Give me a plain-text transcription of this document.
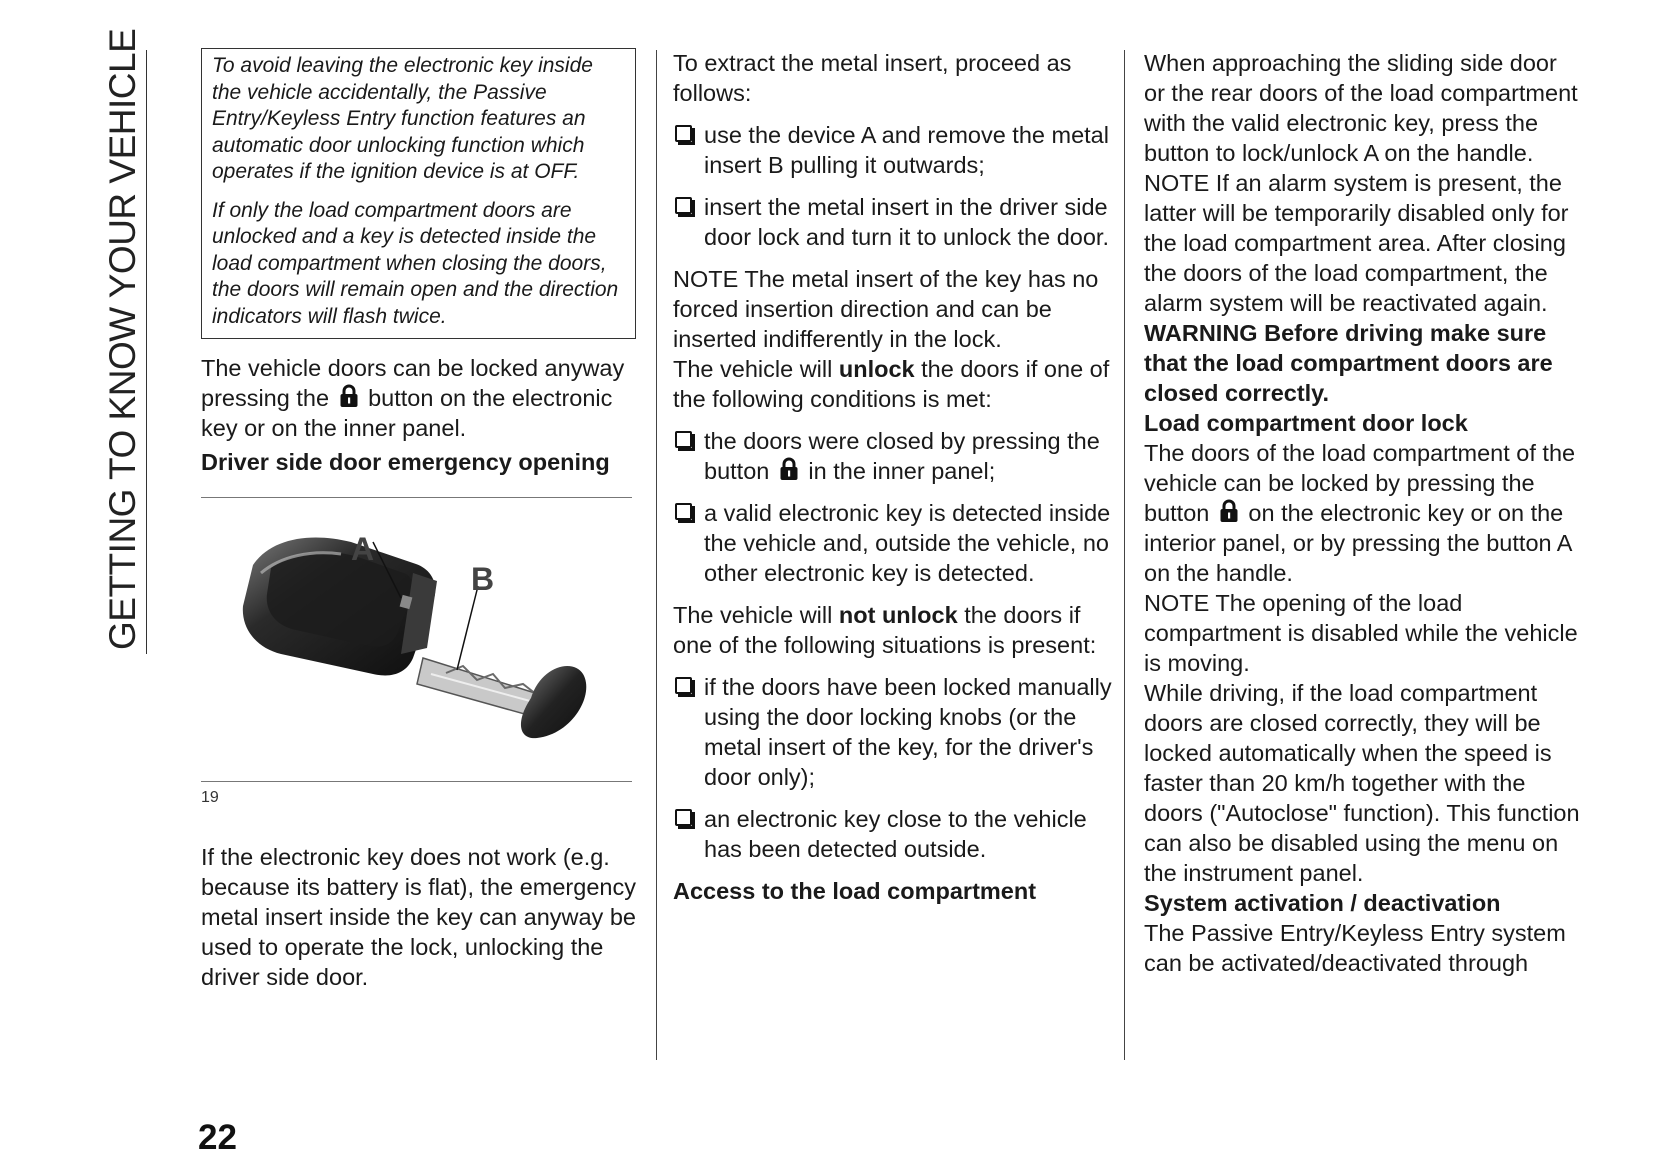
GETTING TO KNOW YOUR VEHICLE	To avoid leaving the electronic key inside the vehicle accidentally, the Passive Entry/Keyless Entry function features an automatic door unlocking function which operates if the ignition device is at OFF.

If only the load compartment doors are unlocked and a key is detected inside the load compartment when closing the doors, the doors will remain open and the direction indicators will flash twice.

The vehicle doors can be locked anyway pressing the button on the electronic key or on the inner panel.

Driver side door emergency opening

A
B
19

If the electronic key does not work (e.g. because its battery is flat), the emergency metal insert inside the key can anyway be used to operate the lock, unlocking the driver side door.

To extract the metal insert, proceed as follows:

use the device A and remove the metal insert B pulling it outwards;
insert the metal insert in the driver side door lock and turn it to unlock the door.

NOTE The metal insert of the key has no forced insertion direction and can be inserted indifferently in the lock.

The vehicle will unlock the doors if one of the following conditions is met:

the doors were closed by pressing the button in the inner panel;
a valid electronic key is detected inside the vehicle and, outside the vehicle, no other electronic key is detected.

The vehicle will not unlock the doors if one of the following situations is present:

if the doors have been locked manually using the door locking knobs (or the metal insert of the key, for the driver's door only);
an electronic key close to the vehicle has been detected outside.

Access to the load compartment

When approaching the sliding side door or the rear doors of the load compartment with the valid electronic key, press the button to lock/unlock A on the handle.

NOTE If an alarm system is present, the latter will be temporarily disabled only for the load compartment area. After closing the doors of the load compartment, the alarm system will be reactivated again.

WARNING Before driving make sure that the load compartment doors are closed correctly.

Load compartment door lock

The doors of the load compartment of the vehicle can be locked by pressing the button on the electronic key or on the interior panel, or by pressing the button A on the handle.

NOTE The opening of the load compartment is disabled while the vehicle is moving.

While driving, if the load compartment doors are closed correctly, they will be locked automatically when the speed is faster than 20 km/h together with the doors ("Autoclose" function). This function can also be disabled using the menu on the instrument panel.

System activation / deactivation

The Passive Entry/Keyless Entry system can be activated/deactivated through

22
